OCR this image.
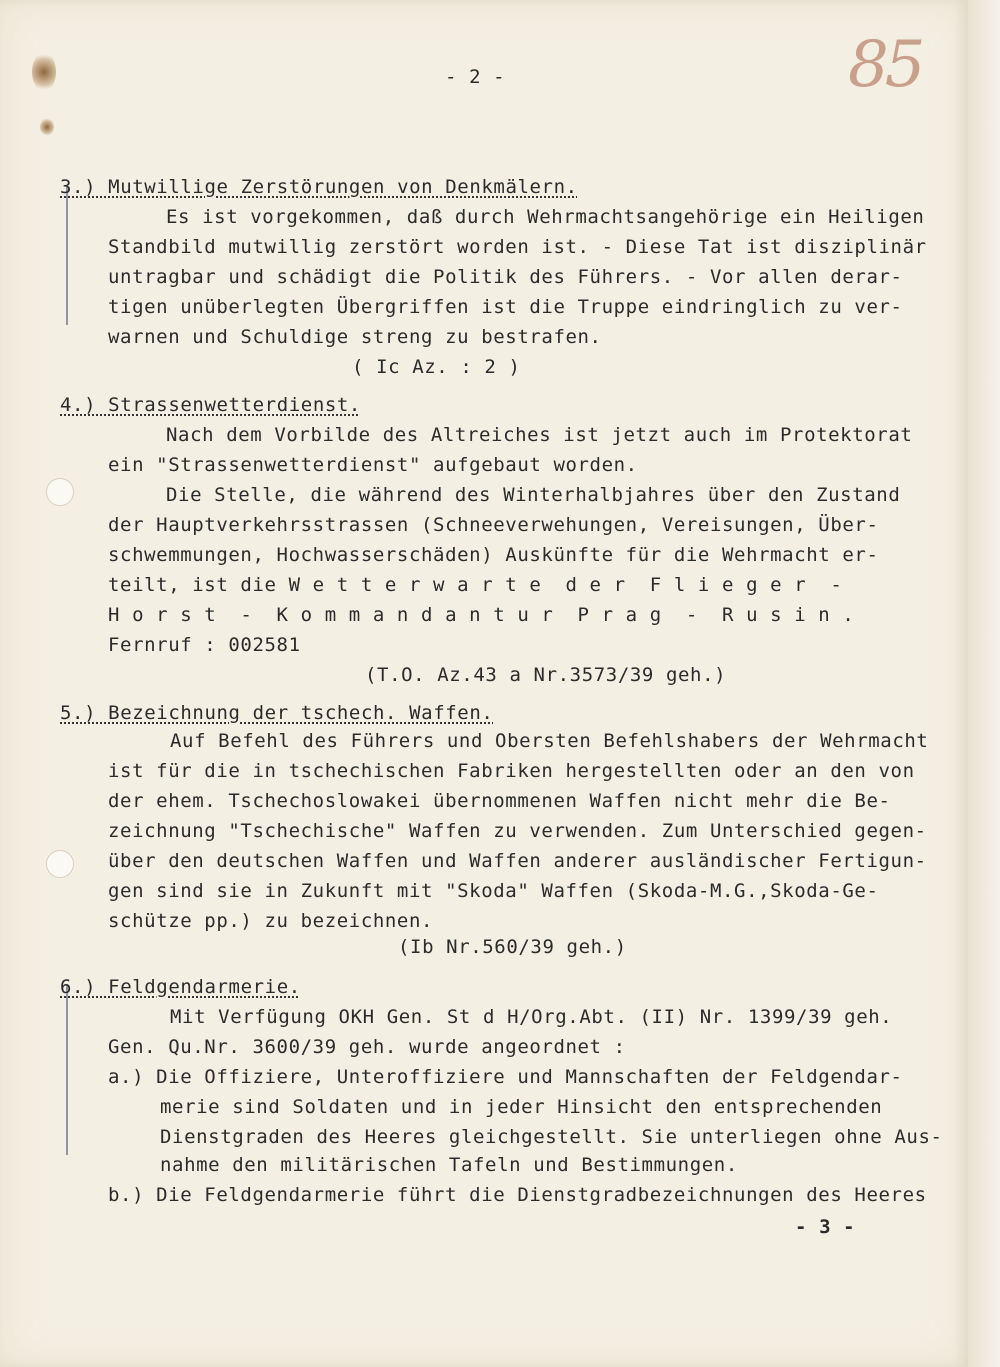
85
- 2 -
3.) Mutwillige Zerstörungen von Denkmälern.
Es ist vorgekommen, daß durch Wehrmachtsangehörige ein Heiligen
Standbild mutwillig zerstört worden ist. - Diese Tat ist disziplinär
untragbar und schädigt die Politik des Führers. - Vor allen derar-
tigen unüberlegten Übergriffen ist die Truppe eindringlich zu ver-
warnen und Schuldige streng zu bestrafen.
( Ic Az. : 2 )
4.) Strassenwetterdienst.
Nach dem Vorbilde des Altreiches ist jetzt auch im Protektorat
ein "Strassenwetterdienst" aufgebaut worden.
Die Stelle, die während des Winterhalbjahres über den Zustand
der Hauptverkehrsstrassen (Schneeverwehungen, Vereisungen, Über-
schwemmungen, Hochwasserschäden) Auskünfte für die Wehrmacht er-
teilt, ist die W e t t e r w a r t e  d e r  F l i e g e r  -
H o r s t  -  K o m m a n d a n t u r  P r a g  -  R u s i n .
Fernruf : 002581
(T.O. Az.43 a Nr.3573/39 geh.)
5.) Bezeichnung der tschech. Waffen.
Auf Befehl des Führers und Obersten Befehlshabers der Wehrmacht
ist für die in tschechischen Fabriken hergestellten oder an den von
der ehem. Tschechoslowakei übernommenen Waffen nicht mehr die Be-
zeichnung "Tschechische" Waffen zu verwenden. Zum Unterschied gegen-
über den deutschen Waffen und Waffen anderer ausländischer Fertigun-
gen sind sie in Zukunft mit "Skoda" Waffen (Skoda-M.G.,Skoda-Ge-
schütze pp.) zu bezeichnen.
(Ib Nr.560/39 geh.)
6.) Feldgendarmerie.
Mit Verfügung OKH Gen. St d H/Org.Abt. (II) Nr. 1399/39 geh.
Gen. Qu.Nr. 3600/39 geh. wurde angeordnet :
a.) Die Offiziere, Unteroffiziere und Mannschaften der Feldgendar-
merie sind Soldaten und in jeder Hinsicht den entsprechenden
Dienstgraden des Heeres gleichgestellt. Sie unterliegen ohne Aus-
nahme den militärischen Tafeln und Bestimmungen.
b.) Die Feldgendarmerie führt die Dienstgradbezeichnungen des Heeres
- 3 -
